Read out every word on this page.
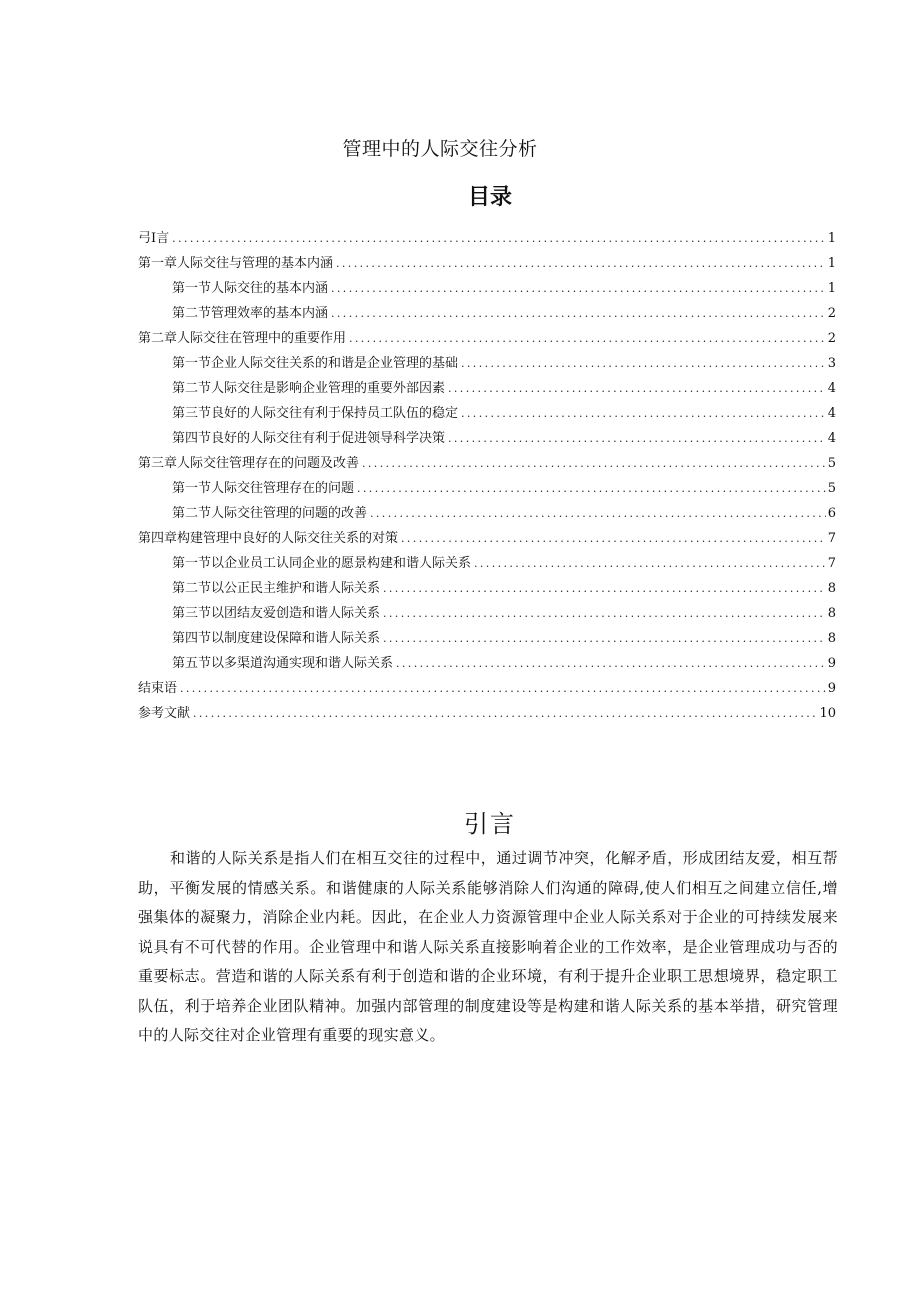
管理中的人际交往分析
目录
弓I言 .....	1
第一章人际交往与管理的基本内涵 .....	1
第一节人际交往的基本内涵 .....	1
第二节管理效率的基本内涵 .....	2
第二章人际交往在管理中的重要作用 .....	2
第一节企业人际交往关系的和谐是企业管理的基础 .....	3
第二节人际交往是影响企业管理的重要外部因素 .....	4
第三节良好的人际交往有利于保持员工队伍的稳定 .....	4
第四节良好的人际交往有利于促进领导科学决策 .....	4
第三章人际交往管理存在的问题及改善 .....	5
第一节人际交往管理存在的问题 .....	5
第二节人际交往管理的问题的改善 .....	6
第四章构建管理中良好的人际交往关系的对策 .....	7
第一节以企业员工认同企业的愿景构建和谐人际关系 .....	7
第二节以公正民主维护和谐人际关系 .....	8
第三节以团结友爱创造和谐人际关系 .....	8
第四节以制度建设保障和谐人际关系 .....	8
第五节以多渠道沟通实现和谐人际关系 .....	9
结束语 .....	9
参考文献 .....	10
引言

和谐的人际关系是指人们在相互交往的过程中，通过调节冲突，化解矛盾，形成团结友爱，相互帮助，平衡发展的情感关系。和谐健康的人际关系能够消除人们沟通的障碍,使人们相互之间建立信任,增强集体的凝聚力，消除企业内耗。因此，在企业人力资源管理中企业人际关系对于企业的可持续发展来说具有不可代替的作用。企业管理中和谐人际关系直接影响着企业的工作效率，是企业管理成功与否的重要标志。营造和谐的人际关系有利于创造和谐的企业环境，有利于提升企业职工思想境界，稳定职工队伍，利于培养企业团队精神。加强内部管理的制度建设等是构建和谐人际关系的基本举措，研究管理中的人际交往对企业管理有重要的现实意义。
